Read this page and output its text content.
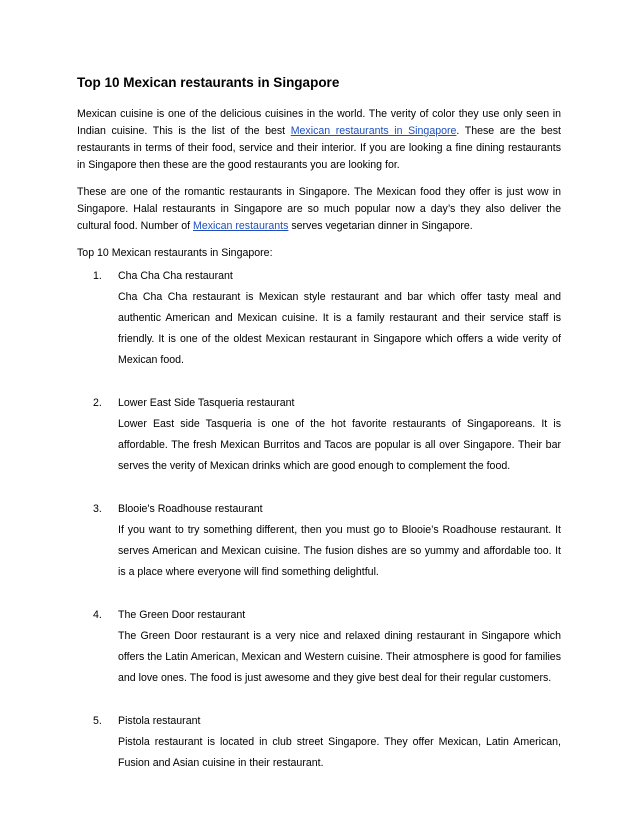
Top 10 Mexican restaurants in Singapore

Mexican cuisine is one of the delicious cuisines in the world. The verity of color they use only seen in Indian cuisine. This is the list of the best Mexican restaurants in Singapore. These are the best restaurants in terms of their food, service and their interior. If you are looking a fine dining restaurants in Singapore then these are the good restaurants you are looking for.

These are one of the romantic restaurants in Singapore. The Mexican food they offer is just wow in Singapore. Halal restaurants in Singapore are so much popular now a day’s they also deliver the cultural food. Number of Mexican restaurants serves vegetarian dinner in Singapore.

Top 10 Mexican restaurants in Singapore:
1. Cha Cha Cha restaurant
Cha Cha Cha restaurant is Mexican style restaurant and bar which offer tasty meal and authentic American and Mexican cuisine. It is a family restaurant and their service staff is friendly. It is one of the oldest Mexican restaurant in Singapore which offers a wide verity of Mexican food.
2. Lower East Side Tasqueria restaurant
Lower East side Tasqueria is one of the hot favorite restaurants of Singaporeans. It is affordable. The fresh Mexican Burritos and Tacos are popular is all over Singapore. Their bar serves the verity of Mexican drinks which are good enough to complement the food.
3. Blooie's Roadhouse restaurant
If you want to try something different, then you must go to Blooie’s Roadhouse restaurant. It serves American and Mexican cuisine. The fusion dishes are so yummy and affordable too. It is a place where everyone will find something delightful.
4. The Green Door restaurant
The Green Door restaurant is a very nice and relaxed dining restaurant in Singapore which offers the Latin American, Mexican and Western cuisine. Their atmosphere is good for families and love ones. The food is just awesome and they give best deal for their regular customers.
5. Pistola restaurant
Pistola restaurant is located in club street Singapore. They offer Mexican, Latin American, Fusion and Asian cuisine in their restaurant.
